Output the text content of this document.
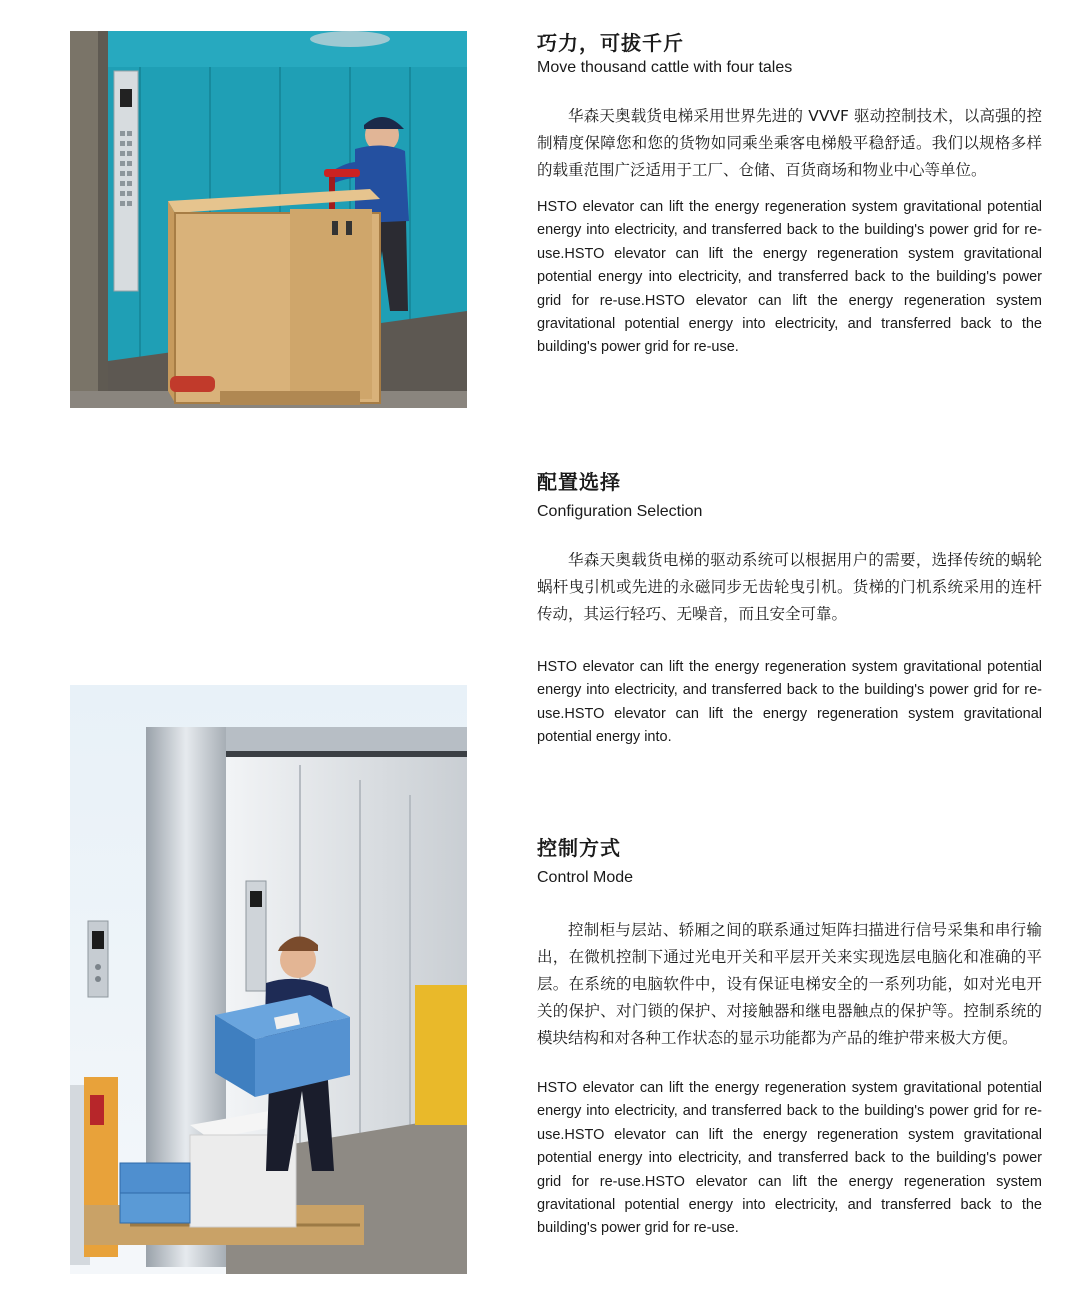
巧力，可拔千斤
Move thousand cattle with four tales

华森天奥载货电梯采用世界先进的 VVVF 驱动控制技术，以高强的控制精度保障您和您的货物如同乘坐乘客电梯般平稳舒适。我们以规格多样的载重范围广泛适用于工厂、仓储、百货商场和物业中心等单位。

HSTO elevator can lift the energy regeneration system gravitational potential energy into electricity, and transferred back to the building's power grid for re-use.HSTO elevator can lift the energy regeneration system gravitational potential energy into electricity, and transferred back to the building's power grid for re-use.HSTO elevator can lift the energy regeneration system gravitational potential energy into electricity, and transferred back to the building's power grid for re-use.

配置选择
Configuration Selection

华森天奥载货电梯的驱动系统可以根据用户的需要，选择传统的蜗轮蜗杆曳引机或先进的永磁同步无齿轮曳引机。货梯的门机系统采用的连杆传动，其运行轻巧、无噪音，而且安全可靠。

HSTO elevator can lift the energy regeneration system gravitational potential energy into electricity, and transferred back to the building's power grid for re-use.HSTO elevator can lift the energy regeneration system gravitational potential energy into.

控制方式
Control Mode

控制柜与层站、轿厢之间的联系通过矩阵扫描进行信号采集和串行输出，在微机控制下通过光电开关和平层开关来实现选层电脑化和准确的平层。在系统的电脑软件中，设有保证电梯安全的一系列功能，如对光电开关的保护、对门锁的保护、对接触器和继电器触点的保护等。控制系统的模块结构和对各种工作状态的显示功能都为产品的维护带来极大方便。

HSTO elevator can lift the energy regeneration system gravitational potential energy into electricity, and transferred back to the building's power grid for re-use.HSTO elevator can lift the energy regeneration system gravitational potential energy into electricity, and transferred back to the building's power grid for re-use.HSTO elevator can lift the energy regeneration system gravitational potential energy into electricity, and transferred back to the building's power grid for re-use.
